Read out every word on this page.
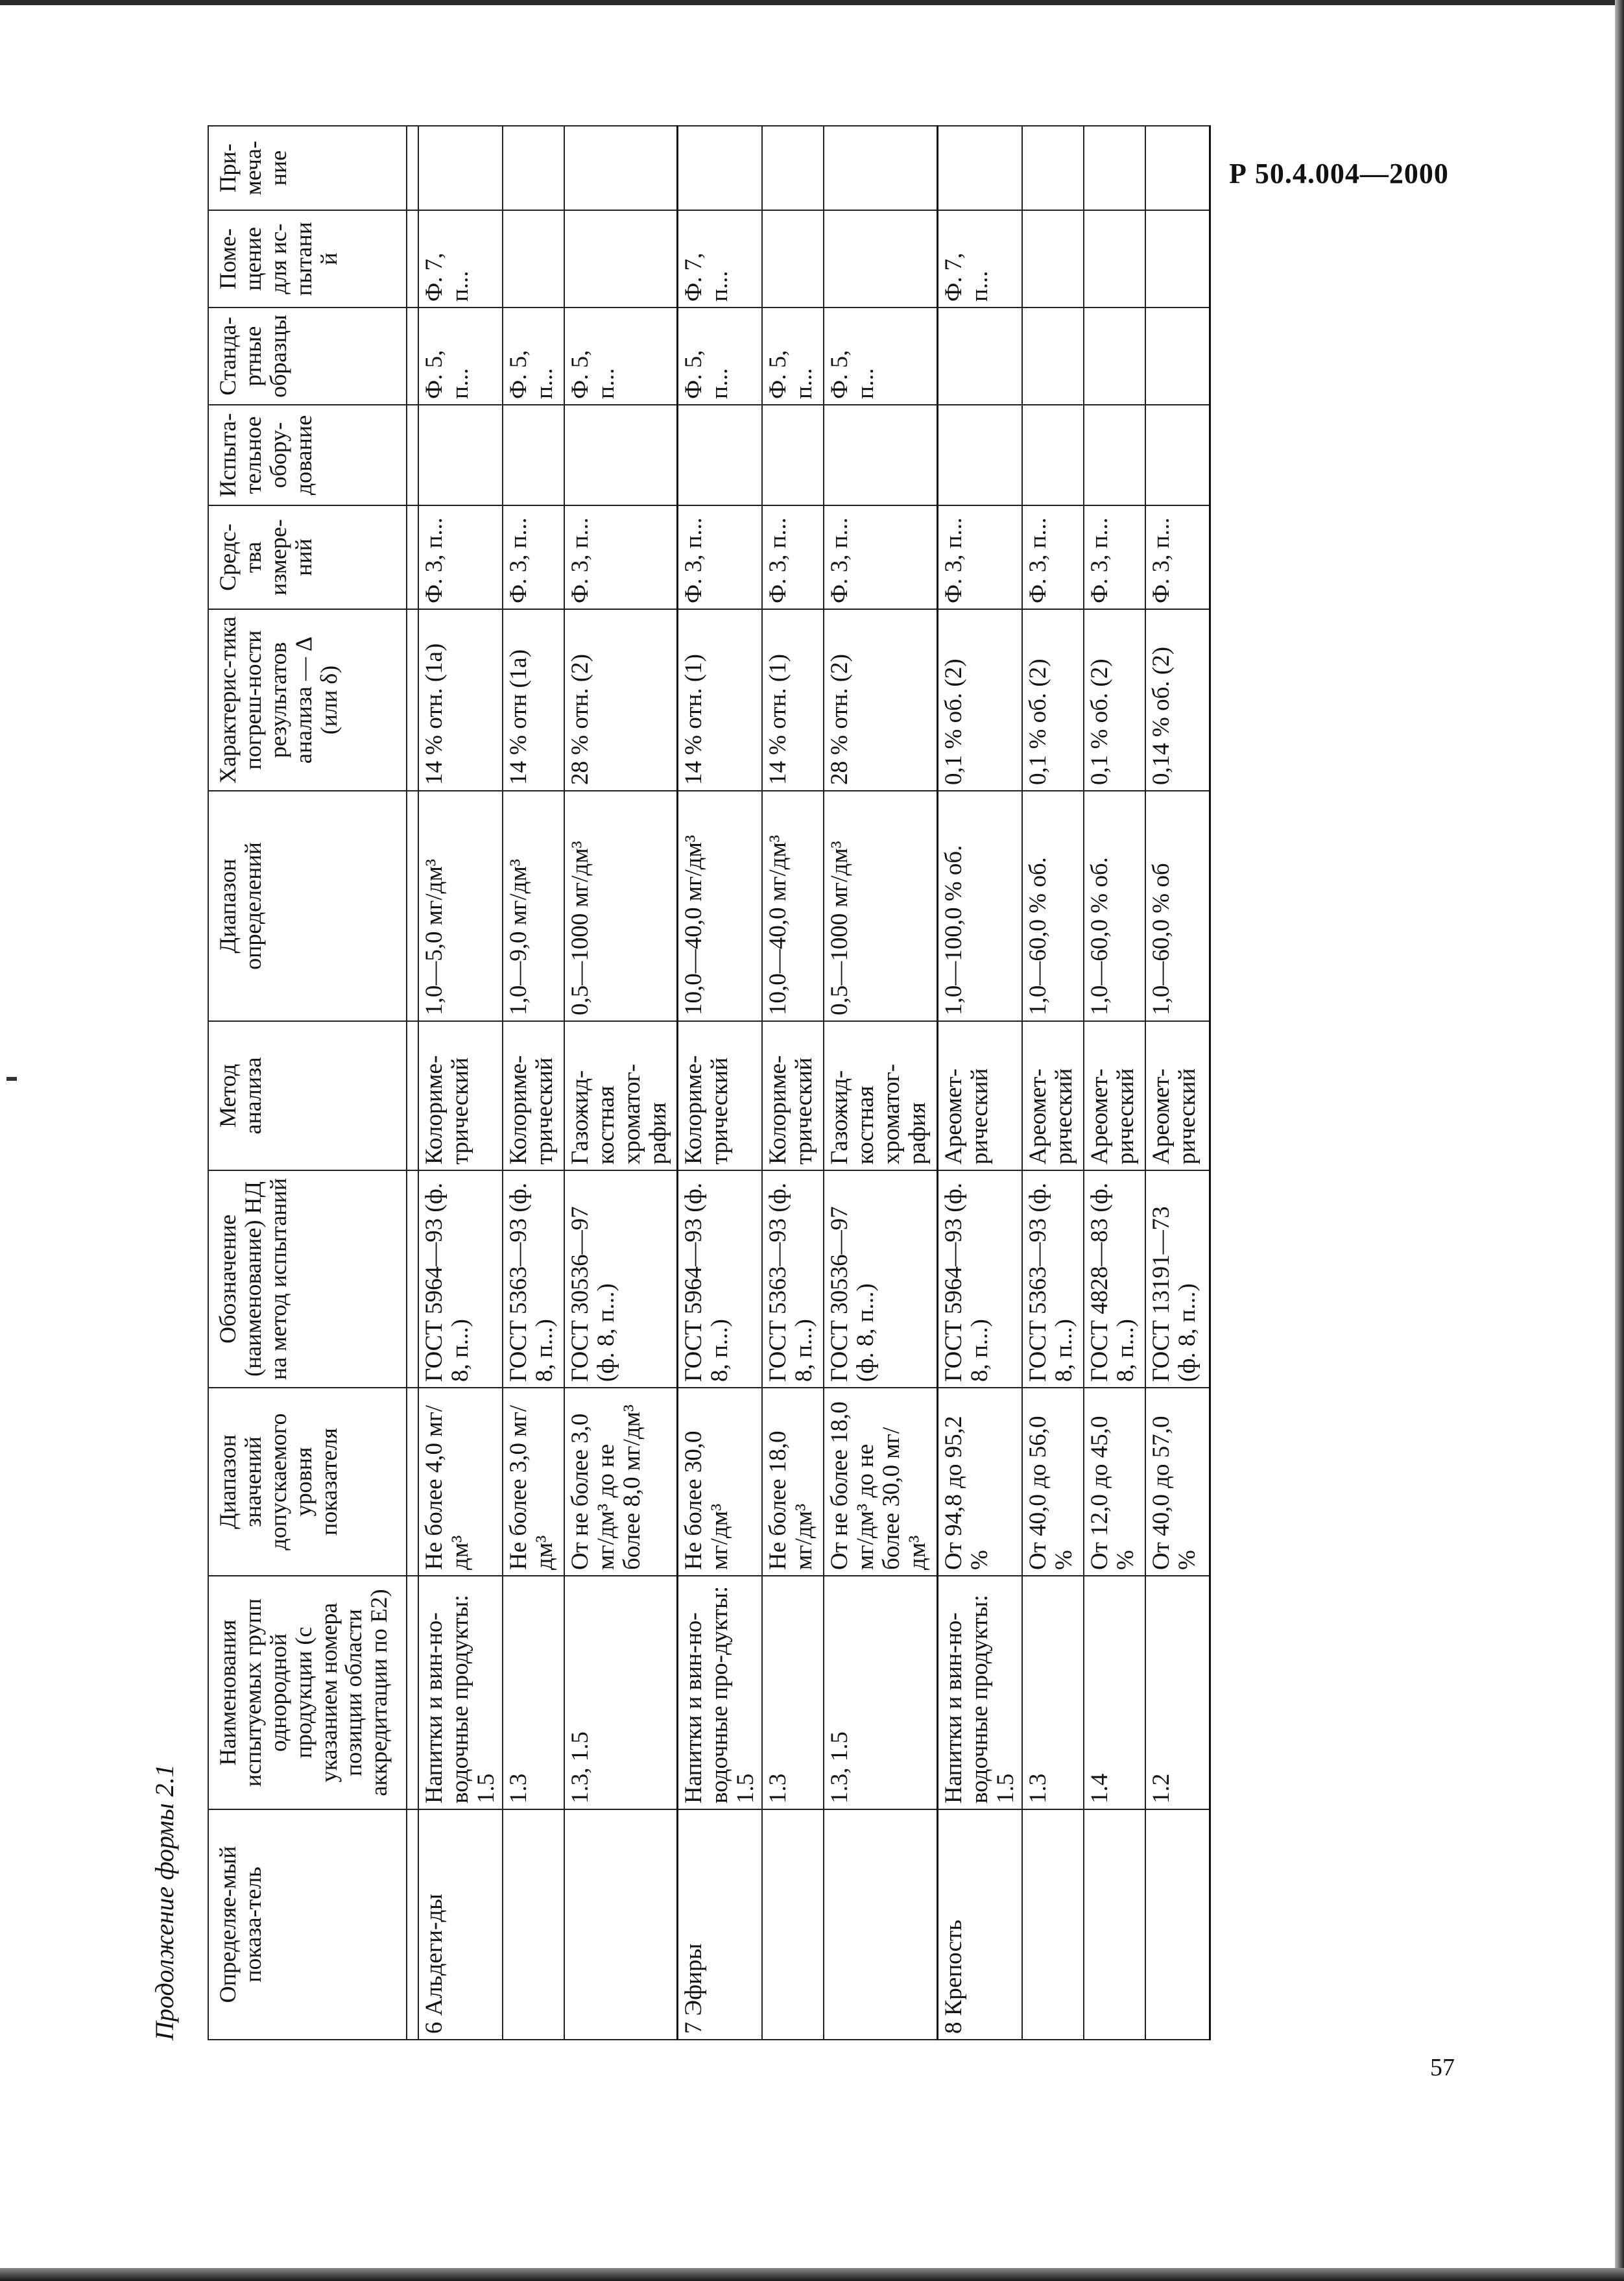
Р 50.4.004—2000
57
Продолжение формы 2.1 Определяе-мый показа-тель	Наименования испытуемых групп однородной продукции (с указанием номера позиции области аккредитации по Е2)	Диапазон значений допускаемого уровня показателя	Обозначение (наименование) НД на метод испытаний	Метод анализа	Диапазон определений	Характерис-тика погреш-ности результатов анализа — Δ (или δ)	Средс-тва измере-ний	Испыта-тельное обору-дование	Станда-ртные образцы	Поме-щение для ис-пытаний	При-меча-ние

6 Альдеги-ды	Напитки и вин-но-водочные продукты: 1.5	Не более 4,0 мг/дм³	ГОСТ 5964—93 (ф. 8, п...)	Колориме-трический	1,0—5,0 мг/дм³	14 % отн. (1а)	Ф. 3, п...		Ф. 5, п...	Ф. 7, п...	
	1.3	Не более 3,0 мг/дм³	ГОСТ 5363—93 (ф. 8, п...)	Колориме-трический	1,0—9,0 мг/дм³	14 % отн (1а)	Ф. 3, п...		Ф. 5, п...		
	1.3, 1.5	От не более 3,0 мг/дм³ до не более 8,0 мг/дм³	ГОСТ 30536—97 (ф. 8, п...)	Газожид-костная хроматог-рафия	0,5—1000 мг/дм³	28 % отн. (2)	Ф. 3, п...		Ф. 5, п...		
7 Эфиры	Напитки и вин-но-водочные про-дукты: 1.5	Не более 30,0 мг/дм³	ГОСТ 5964—93 (ф. 8, п...)	Колориме-трический	10,0—40,0 мг/дм³	14 % отн. (1)	Ф. 3, п...		Ф. 5, п...	Ф. 7, п...	
	1.3	Не более 18,0 мг/дм³	ГОСТ 5363—93 (ф. 8, п...)	Колориме-трический	10,0—40,0 мг/дм³	14 % отн. (1)	Ф. 3, п...		Ф. 5, п...		
	1.3, 1.5	От не более 18,0 мг/дм³ до не более 30,0 мг/дм³	ГОСТ 30536—97 (ф. 8, п...)	Газожид-костная хроматог-рафия	0,5—1000 мг/дм³	28 % отн. (2)	Ф. 3, п...		Ф. 5, п...		
8 Крепость	Напитки и вин-но-водочные продукты: 1.5	От 94,8 до 95,2 %	ГОСТ 5964—93 (ф. 8, п...)	Ареомет-рический	1,0—100,0 % об.	0,1 % об. (2)	Ф. 3, п...			Ф. 7, п...	
	1.3	От 40,0 до 56,0 %	ГОСТ 5363—93 (ф. 8, п...)	Ареомет-рический	1,0—60,0 % об.	0,1 % об. (2)	Ф. 3, п...				
	1.4	От 12,0 до 45,0 %	ГОСТ 4828—83 (ф. 8, п...)	Ареомет-рический	1,0—60,0 % об.	0,1 % об. (2)	Ф. 3, п...				
	1.2	От 40,0 до 57,0 %	ГОСТ 13191—73 (ф. 8, п...)	Ареомет-рический	1,0—60,0 % об	0,14 % об. (2)	Ф. 3, п...				
